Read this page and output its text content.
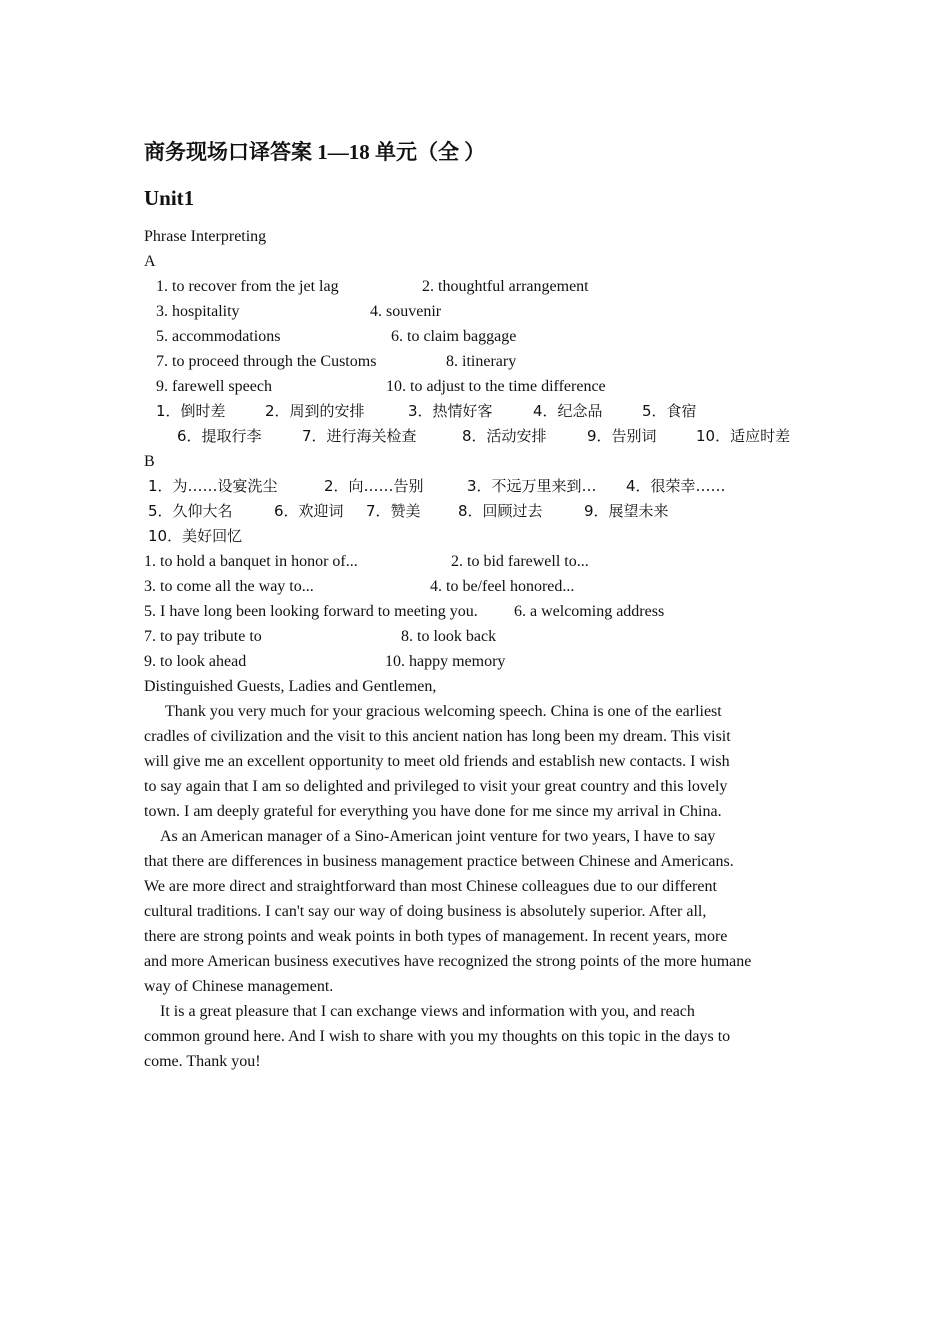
商务现场口译答案 1—18 单元（全 ）
Unit1
Phrase Interpreting
A
1. to recover from the jet lag	2. thoughtful arrangement
3. hospitality	4. souvenir
5. accommodations	6. to claim baggage
7. to proceed through the Customs	8. itinerary
9. farewell speech	10. to adjust to the time difference
1．倒时差	2．周到的安排	3．热情好客	4．纪念品	5．食宿
6．提取行李	7．进行海关检查	8．活动安排	9．告别词	10．适应时差
B
1．为……设宴洗尘	2．向……告别	3．不远万里来到… 4．很荣幸……
5．久仰大名	6．欢迎词 7．赞美 8．回顾过去	9．展望未来
10．美好回忆
1. to hold a banquet in honor of...	2. to bid farewell to...
3. to come all the way to...	4. to be/feel honored...
5. I have long been looking forward to meeting you. 6. a welcoming address
7. to pay tribute to	8. to look back
9. to look ahead	10. happy memory
Distinguished Guests, Ladies and Gentlemen,
Thank you very much for your gracious welcoming speech. China is one of the earliest
cradles of civilization and the visit to this ancient nation has long been my dream. This visit
will give me an excellent opportunity to meet old friends and establish new contacts. I wish
to say again that I am so delighted and privileged to visit your great country and this lovely
town. I am deeply grateful for everything you have done for me since my arrival in China.
As an American manager of a Sino-American joint venture for two years, I have to say
that there are differences in business management practice between Chinese and Americans.
We are more direct and straightforward than most Chinese colleagues due to our different
cultural traditions. I can't say our way of doing business is absolutely superior. After all,
there are strong points and weak points in both types of management. In recent years, more
and more American business executives have recognized the strong points of the more humane
way of Chinese management.
It is a great pleasure that I can exchange views and information with you, and reach
common ground here. And I wish to share with you my thoughts on this topic in the days to
come. Thank you!
